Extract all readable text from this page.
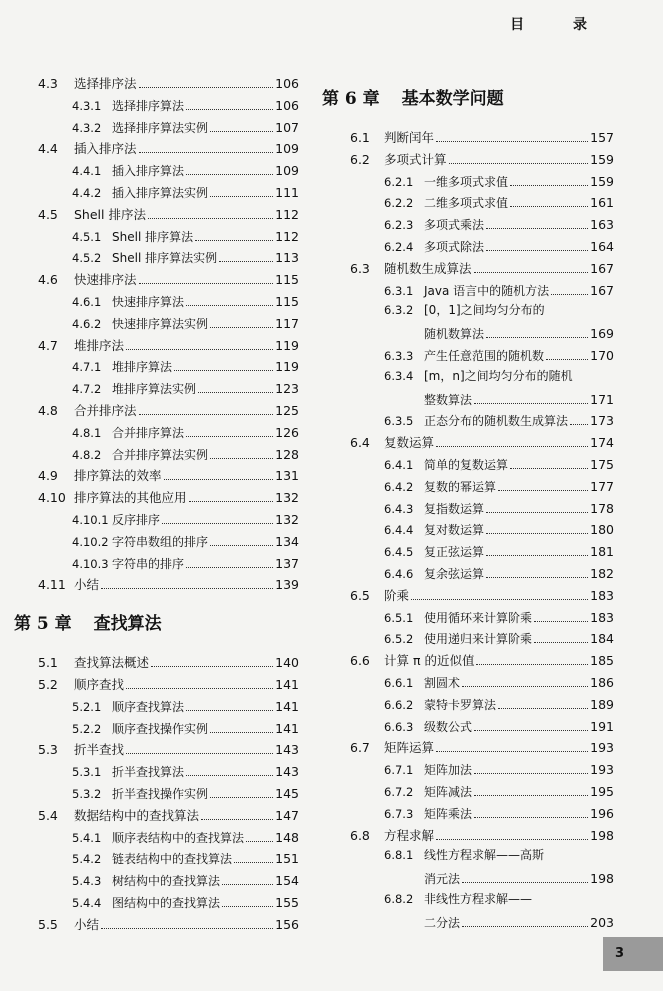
目 录
4.3	选择排序法	106
4.3.1 选择排序算法	106
4.3.2 选择排序算法实例	107
4.4	插入排序法	109
4.4.1 插入排序算法	109
4.4.2 插入排序算法实例	111
4.5	Shell 排序法	112
4.5.1 Shell 排序算法	112
4.5.2 Shell 排序算法实例	113
4.6	快速排序法	115
4.6.1 快速排序算法	115
4.6.2 快速排序算法实例	117
4.7	堆排序法	119
4.7.1 堆排序算法	119
4.7.2 堆排序算法实例	123
4.8	合并排序法	125
4.8.1 合并排序算法	126
4.8.2 合并排序算法实例	128
4.9	排序算法的效率	131
4.10 排序算法的其他应用	132
4.10.1 反序排序	132
4.10.2 字符串数组的排序	134
4.10.3 字符串的排序	137
4.11 小结	139
第 5 章 查找算法
5.1	查找算法概述	140
5.2	顺序查找	141
5.2.1 顺序查找算法	141
5.2.2 顺序查找操作实例	141
5.3	折半查找	143
5.3.1 折半查找算法	143
5.3.2 折半查找操作实例	145
5.4	数据结构中的查找算法	147
5.4.1 顺序表结构中的查找算法 148
5.4.2 链表结构中的查找算法	151
5.4.3 树结构中的查找算法	154
5.4.4 图结构中的查找算法	155
5.5	小结	156
第 6 章 基本数学问题
6.1	判断闰年	157
6.2	多项式计算	159
6.2.1 一维多项式求值	159
6.2.2 二维多项式求值	161
6.2.3 多项式乘法	163
6.2.4 多项式除法	164
6.3	随机数生成算法	167
6.3.1 Java 语言中的随机方法	167
6.3.2 [0，1]之间均匀分布的
随机数算法	169
6.3.3 产生任意范围的随机数	170
6.3.4 [m，n]之间均匀分布的随机
整数算法	171
6.3.5 正态分布的随机数生成算法 173
6.4	复数运算	174
6.4.1 简单的复数运算	175
6.4.2 复数的幂运算	177
6.4.3 复指数运算	178
6.4.4 复对数运算	180
6.4.5 复正弦运算	181
6.4.6 复余弦运算	182
6.5	阶乘	183
6.5.1 使用循环来计算阶乘	183
6.5.2 使用递归来计算阶乘	184
6.6	计算 π 的近似值	185
6.6.1 割圆术	186
6.6.2 蒙特卡罗算法	189
6.6.3 级数公式	191
6.7	矩阵运算	193
6.7.1 矩阵加法	193
6.7.2 矩阵减法	195
6.7.3 矩阵乘法	196
6.8	方程求解	198
6.8.1 线性方程求解——高斯
消元法	198
6.8.2 非线性方程求解——
二分法	203
3
